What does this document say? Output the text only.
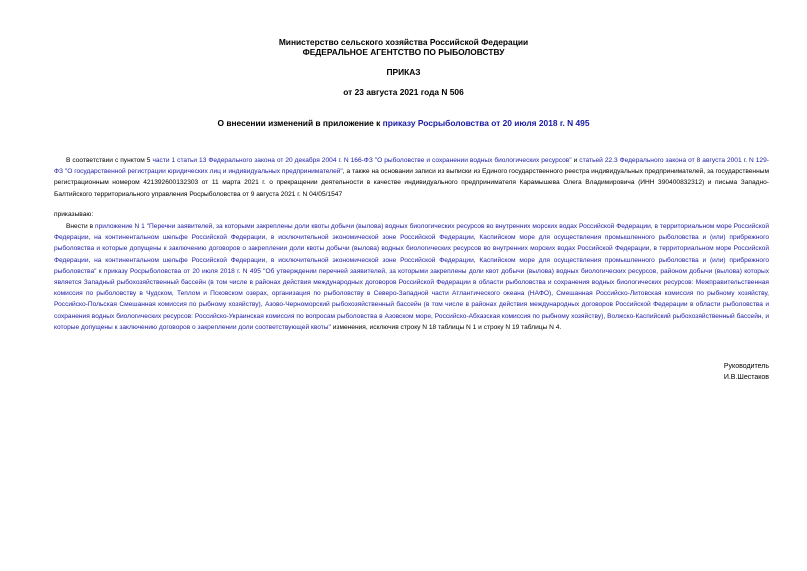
Министерство сельского хозяйства Российской Федерации
ФЕДЕРАЛЬНОЕ АГЕНТСТВО ПО РЫБОЛОВСТВУ
ПРИКАЗ
от 23 августа 2021 года N 506
О внесении изменений в приложение к приказу Росрыболовства от 20 июля 2018 г. N 495
В соответствии с пунктом 5 части 1 статьи 13 Федерального закона от 20 декабря 2004 г. N 166-ФЗ "О рыболовстве и сохранении водных биологических ресурсов" и статьей 22.3 Федерального закона от 8 августа 2001 г. N 129-ФЗ "О государственной регистрации юридических лиц и индивидуальных предпринимателей", а также на основании записи из выписки из Единого государственного реестра индивидуальных предпринимателей, за государственным регистрационным номером 421392600132303 от 11 марта 2021 г. о прекращении деятельности в качестве индивидуального предпринимателя Карамышева Олега Владимировича (ИНН 390400832312) и письма Западно-Балтийского территориального управления Росрыболовства от 9 августа 2021 г. N 04/05/1547
приказываю:
Внести в приложение N 1 "Перечни заявителей, за которыми закреплены доли квоты добычи (вылова) водных биологических ресурсов во внутренних морских водах Российской Федерации, в территориальном море Российской Федерации, на континентальном шельфе Российской Федерации, в исключительной экономической зоне Российской Федерации, Каспийском море для осуществления промышленного рыболовства и (или) прибрежного рыболовства и которые допущены к заключению договоров о закреплении доли квоты добычи (вылова) водных биологических ресурсов во внутренних морских водах Российской Федерации, в территориальном море Российской Федерации, на континентальном шельфе Российской Федерации, в исключительной экономической зоне Российской Федерации, Каспийском море для осуществления промышленного рыболовства и (или) прибрежного рыболовства" к приказу Росрыболовства от 20 июля 2018 г. N 495 "Об утверждении перечней заявителей, за которыми закреплены доли квот добычи (вылова) водных биологических ресурсов, районом добычи (вылова) которых является Западный рыбохозяйственный бассейн (в том числе в районах действия международных договоров Российской Федерации в области рыболовства и сохранения водных биологических ресурсов: Межправительственная комиссия по рыболовству в Чудском, Теплом и Псковском озерах, организация по рыболовству в Северо-Западной части Атлантического океана (НАФО), Смешанная Российско-Литовская комиссия по рыбному хозяйству, Российско-Польская Смешанная комиссия по рыбному хозяйству), Азово-Черноморский рыбохозяйственный бассейн (в том числе в районах действия международных договоров Российской Федерации в области рыболовства и сохранения водных биологических ресурсов: Российско-Украинская комиссия по вопросам рыболовства в Азовском море, Российско-Абхазская комиссия по рыбному хозяйству), Волжско-Каспийский рыбохозяйственный бассейн, и которые допущены к заключению договоров о закреплении доли соответствующей квоты" изменения, исключив строку N 18 таблицы N 1 и строку N 19 таблицы N 4.
Руководитель
И.В.Шестаков
